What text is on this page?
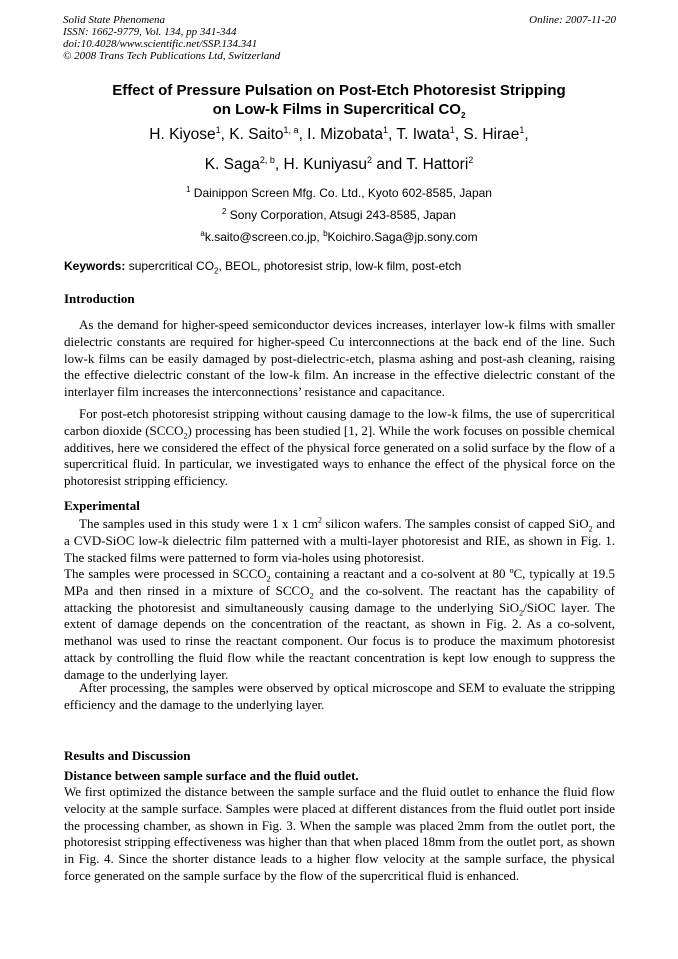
Solid State Phenomena
ISSN: 1662-9779, Vol. 134, pp 341-344
doi:10.4028/www.scientific.net/SSP.134.341
© 2008 Trans Tech Publications Ltd, Switzerland
Online: 2007-11-20
Effect of Pressure Pulsation on Post-Etch Photoresist Stripping
on Low-k Films in Supercritical $CO_2$
H. Kiyose$^1$, K. Saito$^{1, a}$, I. Mizobata$^1$, T. Iwata$^1$, S. Hirae$^1$,
K. Saga$^{2, b}$, H. Kuniyasu$^2$ and T. Hattori$^2$
$^1$ Dainippon Screen Mfg. Co. Ltd., Kyoto 602-8585, Japan
$^2$ Sony Corporation, Atsugi 243-8585, Japan
$^a$k.saito@screen.co.jp, $^b$Koichiro.Saga@jp.sony.com
Keywords: supercritical $CO_2$, BEOL, photoresist strip, low-k film, post-etch
Introduction

As the demand for higher-speed semiconductor devices increases, interlayer low-k films with smaller dielectric constants are required for higher-speed Cu interconnections at the back end of the line. Such low-k films can be easily damaged by post-dielectric-etch, plasma ashing and post-ash cleaning, raising the effective dielectric constant of the low-k film. An increase in the effective dielectric constant of the interlayer film increases the interconnections’ resistance and capacitance.

For post-etch photoresist stripping without causing damage to the low-k films, the use of supercritical carbon dioxide $(SCCO_2)$ processing has been studied [1, 2]. While the work focuses on possible chemical additives, here we considered the effect of the physical force generated on a solid surface by the flow of a supercritical fluid. In particular, we investigated ways to enhance the effect of the physical force on the photoresist stripping efficiency.

Experimental

The samples used in this study were 1 x 1 $cm^2$ silicon wafers. The samples consist of capped SiO$_2$ and a CVD-SiOC low-k dielectric film patterned with a multi-layer photoresist and RIE, as shown in Fig. 1. The stacked films were patterned to form via-holes using photoresist.

The samples were processed in $SCCO_2$ containing a reactant and a co-solvent at 80 ºC, typically at 19.5 MPa and then rinsed in a mixture of $SCCO_2$ and the co-solvent. The reactant has the capability of attacking the photoresist and simultaneously causing damage to the underlying SiO$_2$/SiOC layer. The extent of damage depends on the concentration of the reactant, as shown in Fig. 2. As a co-solvent, methanol was used to rinse the reactant component. Our focus is to produce the maximum photoresist attack by controlling the fluid flow while the reactant concentration is kept low enough to suppress the damage to the underlying layer.

After processing, the samples were observed by optical microscope and SEM to evaluate the stripping efficiency and the damage to the underlying layer.

Results and Discussion
Distance between sample surface and the fluid outlet.

We first optimized the distance between the sample surface and the fluid outlet to enhance the fluid flow velocity at the sample surface. Samples were placed at different distances from the fluid outlet port inside the processing chamber, as shown in Fig. 3. When the sample was placed 2mm from the outlet port, the photoresist stripping effectiveness was higher than that when placed 18mm from the outlet port, as shown in Fig. 4. Since the shorter distance leads to a higher flow velocity at the sample surface, the physical force generated on the sample surface by the flow of the supercritical fluid is enhanced.
